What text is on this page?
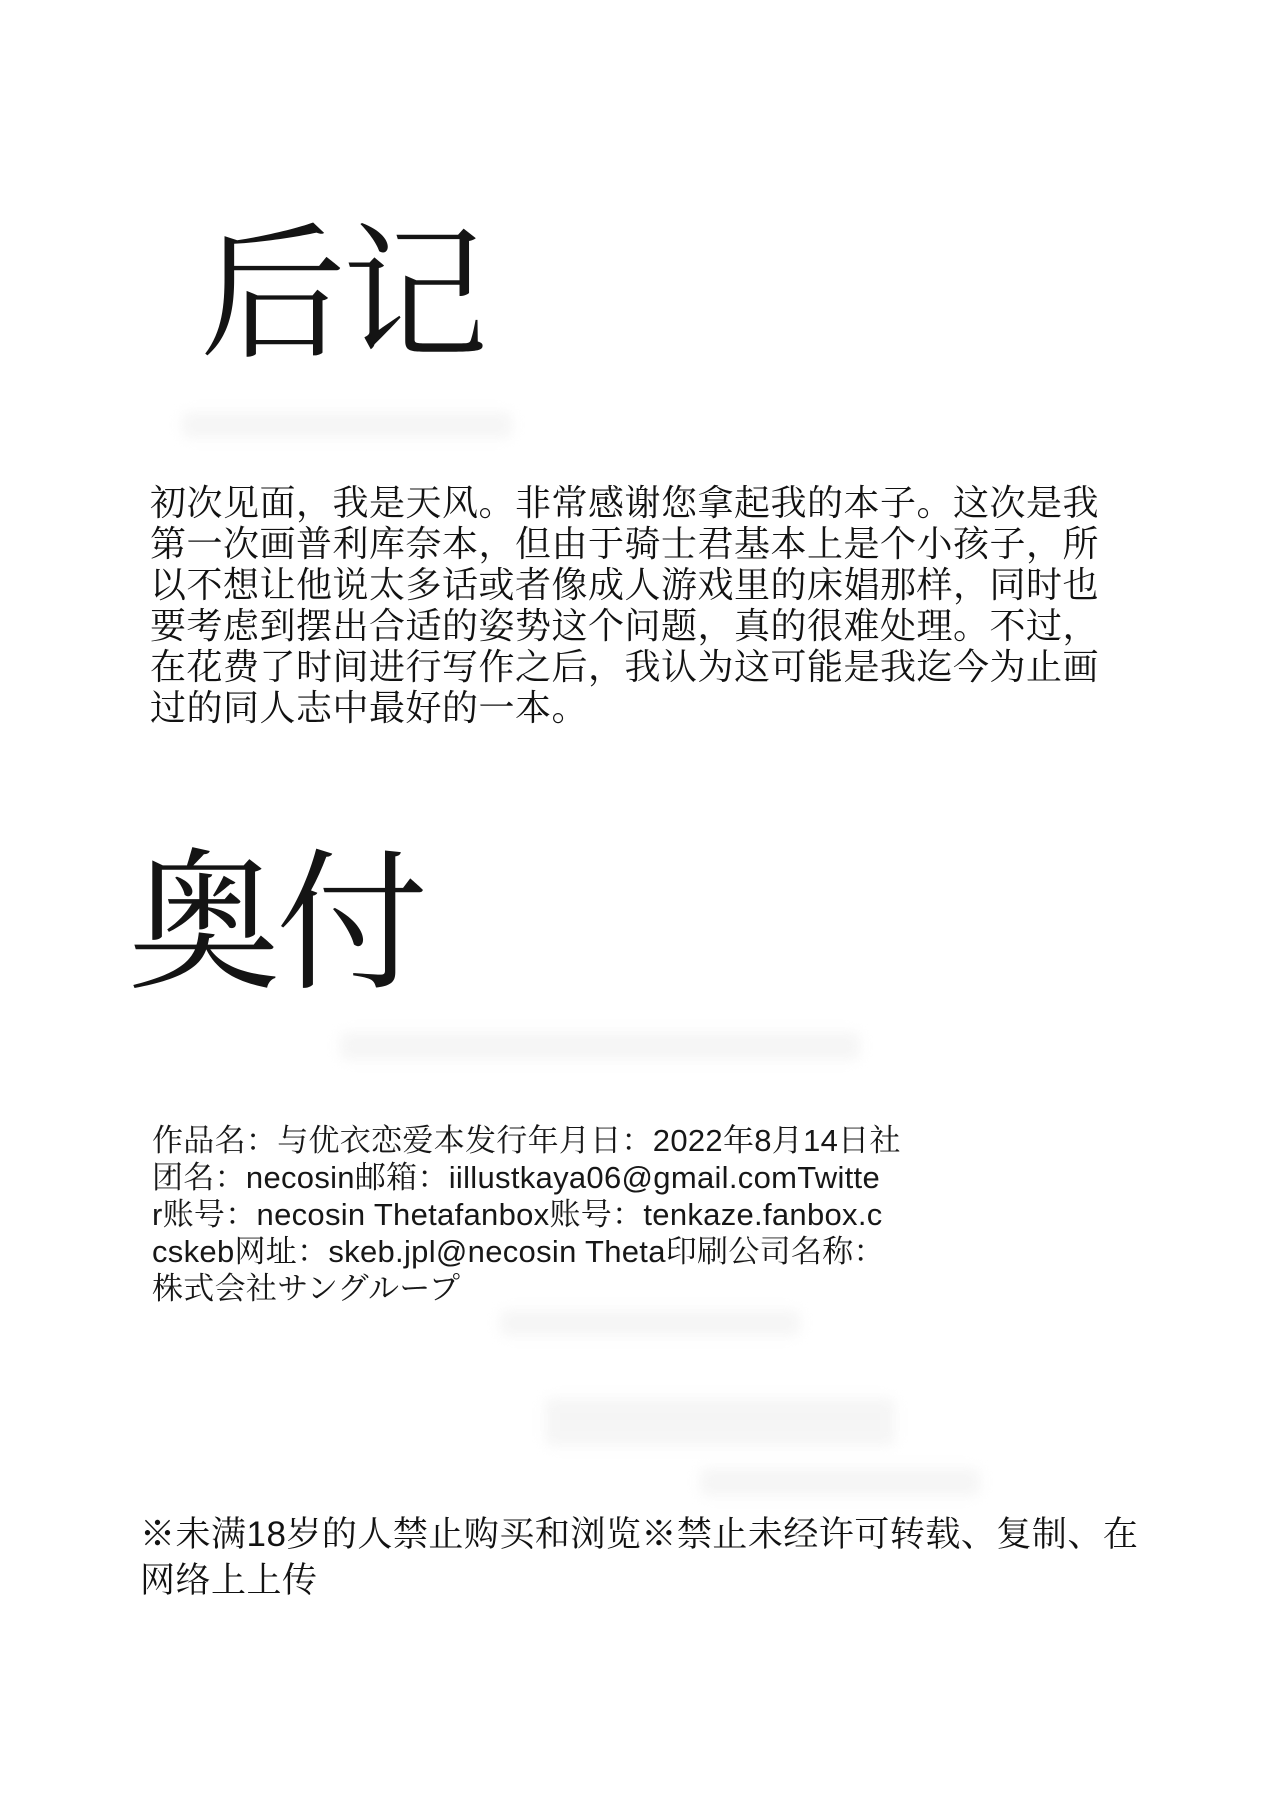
后记
初次见面，我是天风。非常感谢您拿起我的本子。这次是我
第一次画普利库奈本，但由于骑士君基本上是个小孩子，所
以不想让他说太多话或者像成人游戏里的床娼那样，同时也
要考虑到摆出合适的姿势这个问题，真的很难处理。不过，
在花费了时间进行写作之后，我认为这可能是我迄今为止画
过的同人志中最好的一本。
奥付
作品名：与优衣恋爱本发行年月日：2022年8月14日社
团名：necosin邮箱：iillustkaya06@gmail.comTwitte
r账号：necosin Thetafanbox账号：tenkaze.fanbox.c
cskeb网址：skeb.jpl@necosin Theta印刷公司名称：
株式会社サングループ
※未满18岁的人禁止购买和浏览※禁止未经许可转载、复制、在
网络上上传
